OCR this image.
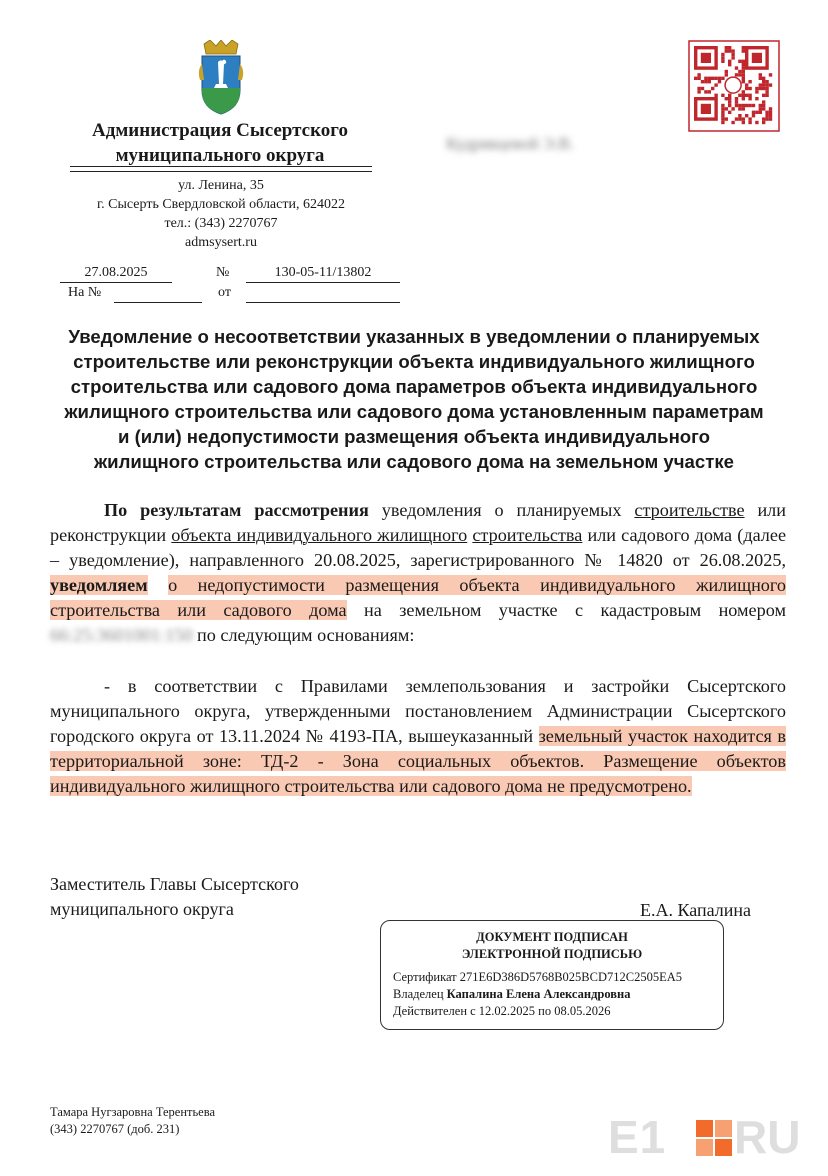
Администрация Сысертского
муниципального округа
ул. Ленина, 35
г. Сысерть Свердловской области, 624022
тел.: (343) 2270767
admsysert.ru
Кудрявцевой Э.В.
27.08.2025	№	130-05-11/13802
На №
	от

Уведомление о несоответствии указанных в уведомлении о планируемых
строительстве или реконструкции объекта индивидуального жилищного
строительства или садового дома параметров объекта индивидуального
жилищного строительства или садового дома установленным параметрам
и (или) недопустимости размещения объекта индивидуального
жилищного строительства или садового дома на земельном участке
По результатам рассмотрения уведомления о планируемых строительстве или реконструкции объекта индивидуального жилищного строительства или садового дома (далее – уведомление), направленного 20.08.2025, зарегистрированного № 14820 от 26.08.2025, уведомляем о недопустимости размещения объекта индивидуального жилищного строительства или садового дома на земельном участке с кадастровым номером 66:25:3601001:150 по следующим основаниям:
- в соответствии с Правилами землепользования и застройки Сысертского муниципального округа, утвержденными постановлением Администрации Сысертского городского округа от 13.11.2024 № 4193-ПА, вышеуказанный земельный участок находится в территориальной зоне: ТД-2 - Зона социальных объектов. Размещение объектов индивидуального жилищного строительства или садового дома не предусмотрено.
Заместитель Главы Сысертского
муниципального округа	Е.А. Капалина
ДОКУМЕНТ ПОДПИСАН
ЭЛЕКТРОННОЙ ПОДПИСЬЮ
Сертификат 271E6D386D5768B025BCD712C2505EA5
Владелец Капалина Елена Александровна
Действителен с 12.02.2025 по 08.05.2026
Тамара Нугзаровна Терентьева
(343) 2270767 (доб. 231)	E1 RU
